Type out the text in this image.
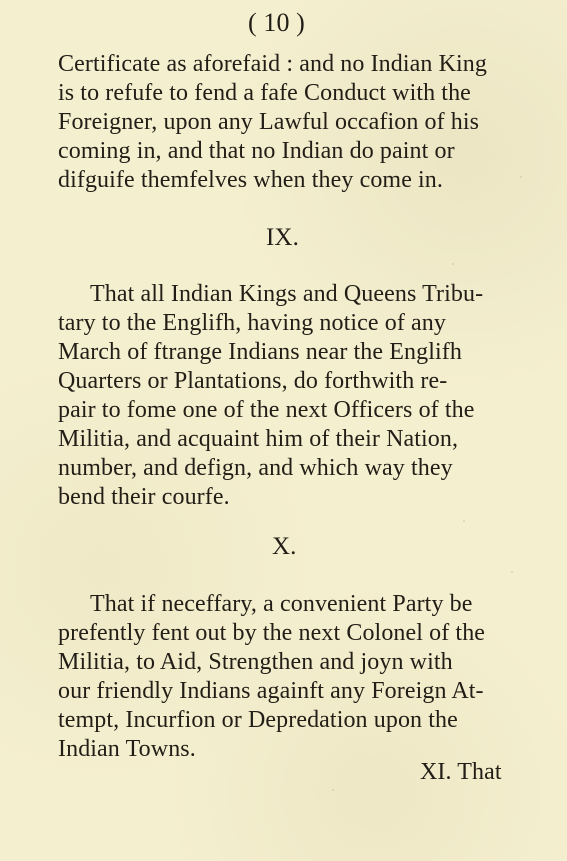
( 10 )
Certificate as aforefaid : and no Indian King
is to refufe to fend a fafe Conduct with the
Foreigner, upon any Lawful occafion of his
coming in, and that no Indian do paint or
difguife themfelves when they come in.
IX.
That all Indian Kings and Queens Tribu-
tary to the Englifh, having notice of any
March of ftrange Indians near the Englifh
Quarters or Plantations, do forthwith re-
pair to fome one of the next Officers of the
Militia, and acquaint him of their Nation,
number, and defign, and which way they
bend their courfe.
X.
That if neceffary, a convenient Party be
prefently fent out by the next Colonel of the
Militia, to Aid, Strengthen and joyn with
our friendly Indians againft any Foreign At-
tempt, Incurfion or Depredation upon the
Indian Towns.
XI. That
